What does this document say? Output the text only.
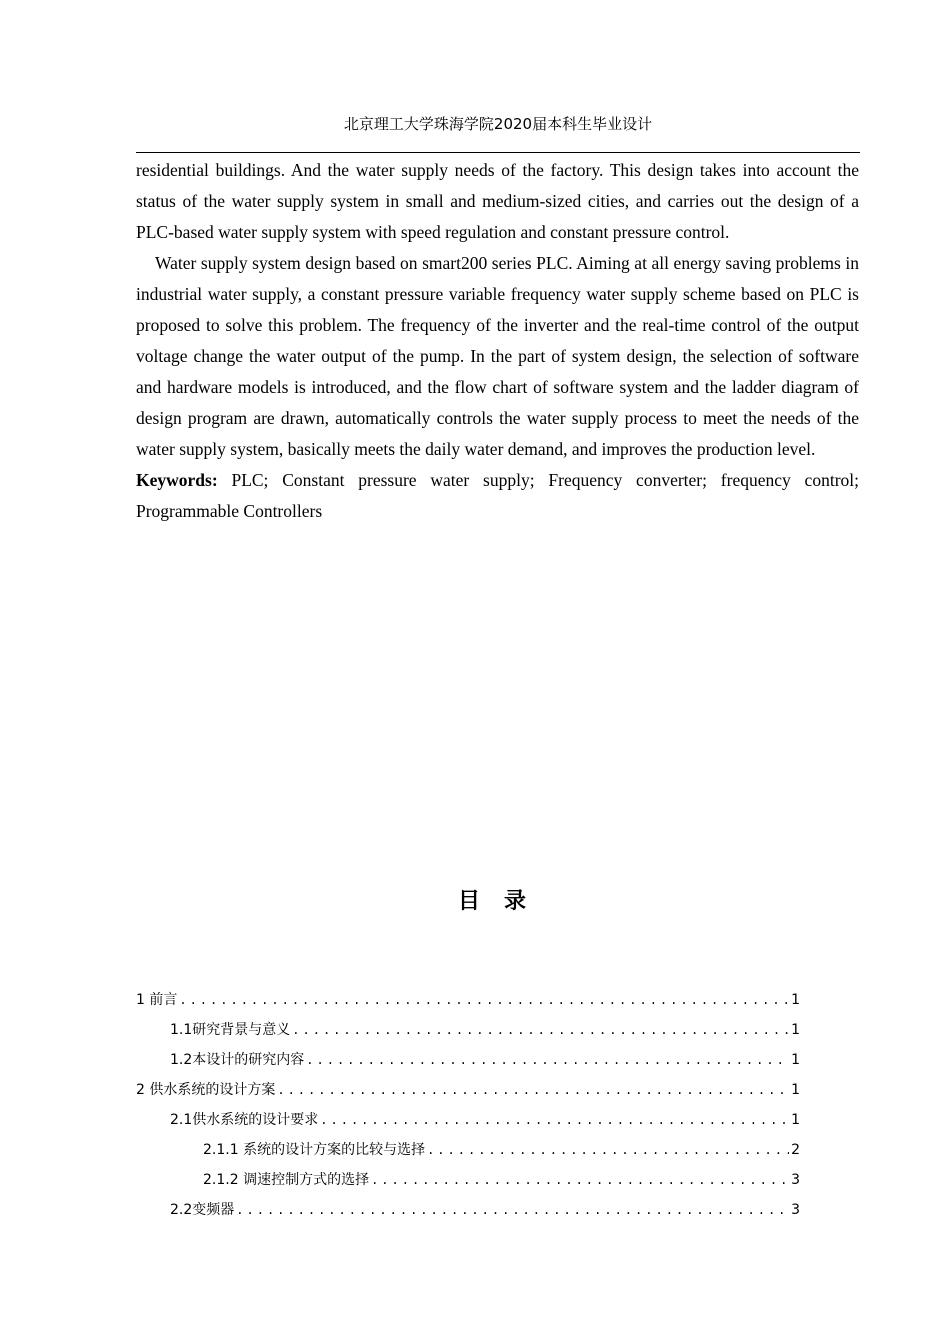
北京理工大学珠海学院2020届本科生毕业设计

residential buildings. And the water supply needs of the factory. This design takes into account the status of the water supply system in small and medium-sized cities, and carries out the design of a PLC-based water supply system with speed regulation and constant pressure control.

Water supply system design based on smart200 series PLC. Aiming at all energy saving problems in industrial water supply, a constant pressure variable frequency water supply scheme based on PLC is proposed to solve this problem. The frequency of the inverter and the real-time control of the output voltage change the water output of the pump. In the part of system design, the selection of software and hardware models is introduced, and the flow chart of software system and the ladder diagram of design program are drawn, automatically controls the water supply process to meet the needs of the water supply system, basically meets the daily water demand, and improves the production level.

Keywords: PLC; Constant pressure water supply; Frequency converter; frequency control; Programmable Controllers

目录
1 前言 .....	1
1.1研究背景与意义 .....	1
1.2本设计的研究内容 .....	1
2 供水系统的设计方案 .....	1
2.1供水系统的设计要求 .....	1
2.1.1 系统的设计方案的比较与选择 .....	2
2.1.2 调速控制方式的选择 .....	3
2.2变频器 .....	3
